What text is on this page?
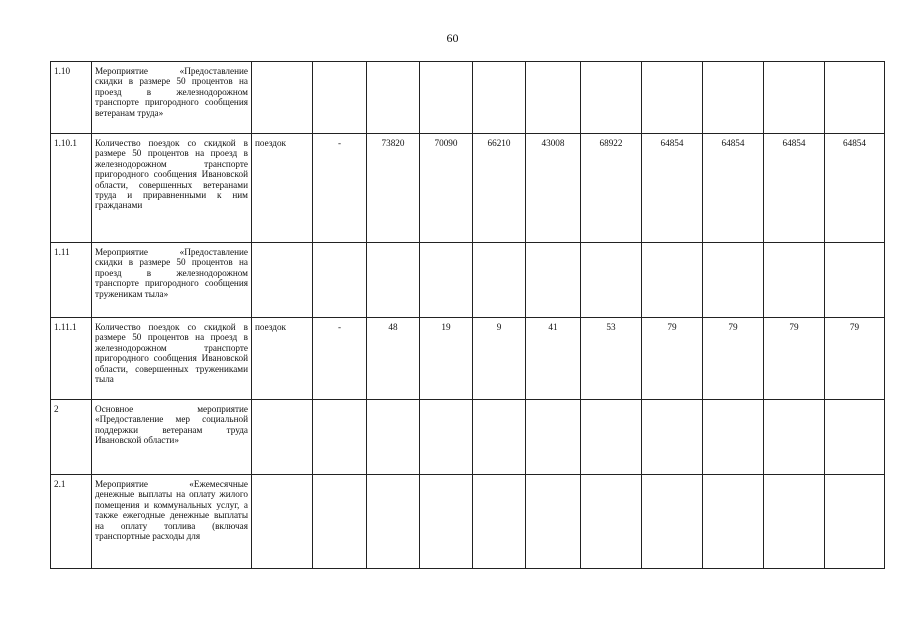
60
1.10	Мероприятие «Предоставление скидки в размере 50 процентов на проезд в железнодорожном транспорте пригородного сообщения ветеранам труда»											
1.10.1	Количество поездок со скидкой в размере 50 процентов на проезд в железнодорожном транспорте пригородного сообщения Ивановской области, совершенных ветеранами труда и приравненными к ним гражданами	поездок	-	73820	70090	66210	43008	68922	64854	64854	64854	64854
1.11	Мероприятие «Предоставление скидки в размере 50 процентов на проезд в железнодорожном транспорте пригородного сообщения труженикам тыла»											
1.11.1	Количество поездок со скидкой в размере 50 процентов на проезд в железнодорожном транспорте пригородного сообщения Ивановской области, совершенных тружениками тыла	поездок	-	48	19	9	41	53	79	79	79	79
2	Основное мероприятие «Предоставление мер социальной поддержки ветеранам труда Ивановской области»											
2.1	Мероприятие «Ежемесячные денежные выплаты на оплату жилого помещения и коммунальных услуг, а также ежегодные денежные выплаты на оплату топлива (включая транспортные расходы для											
